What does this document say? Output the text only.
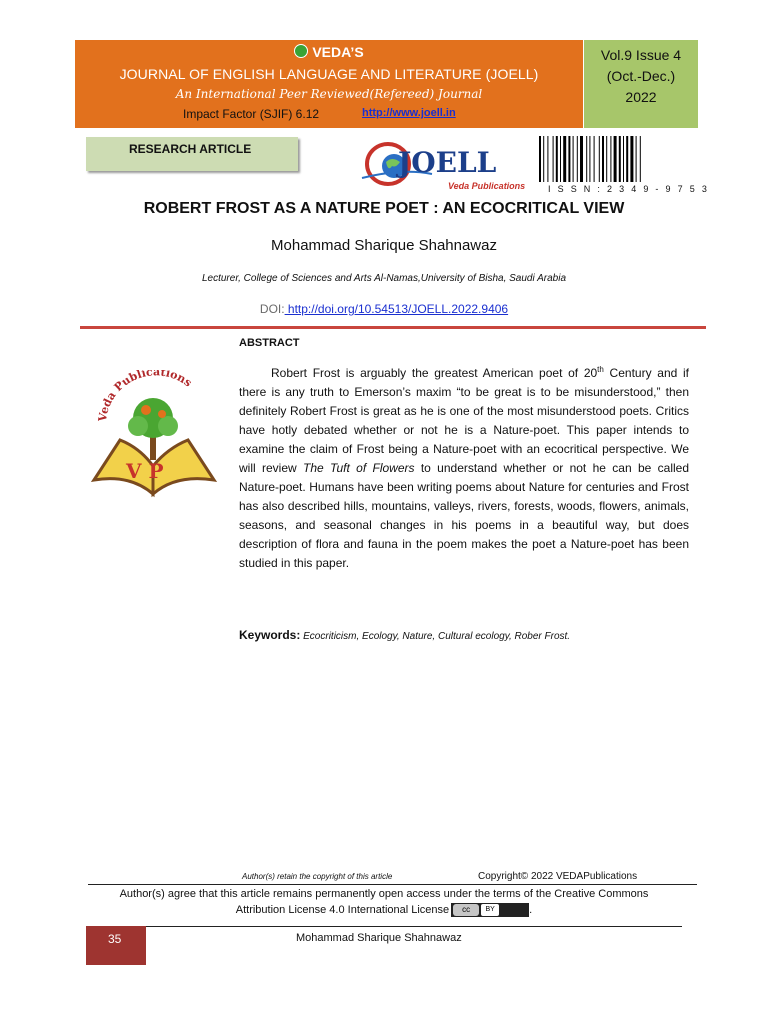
VEDA’S
JOURNAL OF ENGLISH LANGUAGE AND LITERATURE (JOELL)
An International Peer Reviewed(Refereed) Journal
Impact Factor (SJIF) 6.12	http://www.joell.in
Vol.9 Issue 4
(Oct.-Dec.)
2022
RESEARCH ARTICLE	JOELL
Veda Publications	I S S N : 2 3 4 9 - 9 7 5 3
ROBERT FROST AS A NATURE POET : AN ECOCRITICAL VIEW
Mohammad Sharique Shahnawaz
Lecturer, College of Sciences and Arts Al-Namas,University of Bisha, Saudi Arabia
DOI: http://doi.org/10.54513/JOELL.2022.9406
Veda Publications
V P
ABSTRACT

Robert Frost is arguably the greatest American poet of 20th Century and if there is any truth to Emerson’s maxim “to be great is to be misunderstood,” then definitely Robert Frost is great as he is one of the most misunderstood poets. Critics have hotly debated whether or not he is a Nature-poet. This paper intends to examine the claim of Frost being a Nature-poet with an ecocritical perspective. We will review The Tuft of Flowers to understand whether or not he can be called Nature-poet. Humans have been writing poems about Nature for centuries and Frost has also described hills, mountains, valleys, rivers, forests, woods, flowers, animals, seasons, and seasonal changes in his poems in a beautiful way, but does description of flora and fauna in the poem makes the poet a Nature-poet has been studied in this paper.

Keywords: Ecocriticism, Ecology, Nature, Cultural ecology, Rober Frost.
Author(s) retain the copyright of this article	Copyright© 2022 VEDAPublications
Author(s) agree that this article remains permanently open access under the terms of the Creative Commons
Attribution License 4.0 International License	cc	BY	.
35	Mohammad Sharique Shahnawaz
